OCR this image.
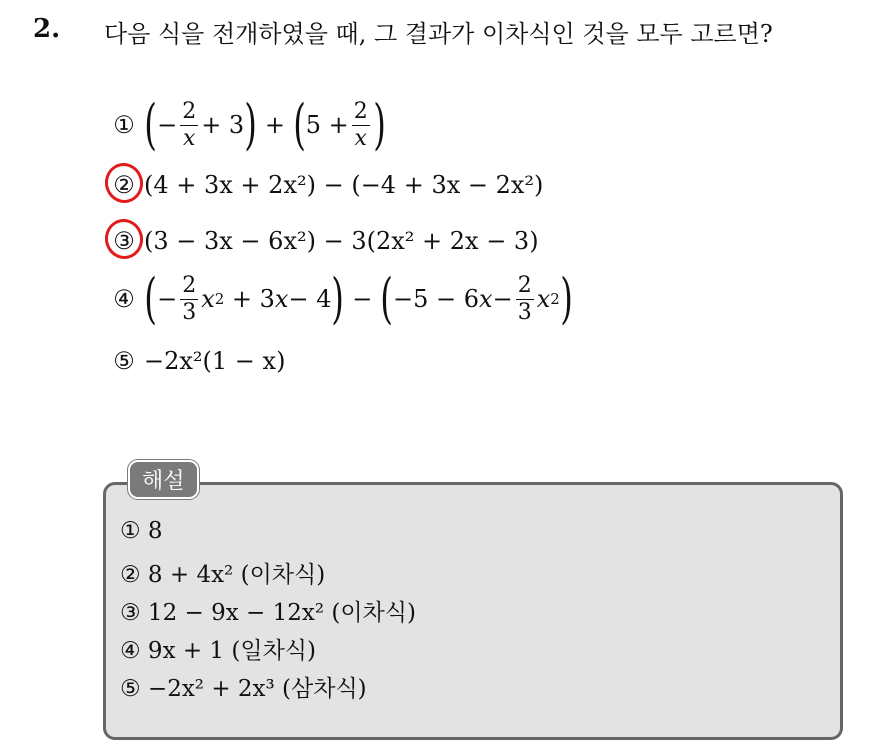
2. 다음 식을 전개하였을 때, 그 결과가 이차식인 것을 모두 고르면?
① ( − $\frac{2}{x} + 3$ ) + ( $5 + \frac{2}{x}$ )
② (4 + 3x + 2x²) − (−4 + 3x − 2x²)
③ (3 − 3x − 6x²) − 3(2x² + 2x − 3)
④ ( − $\frac{2}{3}$ x 2 + 3 x − 4 ) − ( −5 − 6 $x - \frac{2}{3}$ x 2 )
⑤ −2x²(1 − x)
해설
① 8
② 8 + 4x² (이차식)
③ 12 − 9x − 12x² (이차식)
④ 9x + 1 (일차식)
⑤ −2x² + 2x³ (삼차식)
